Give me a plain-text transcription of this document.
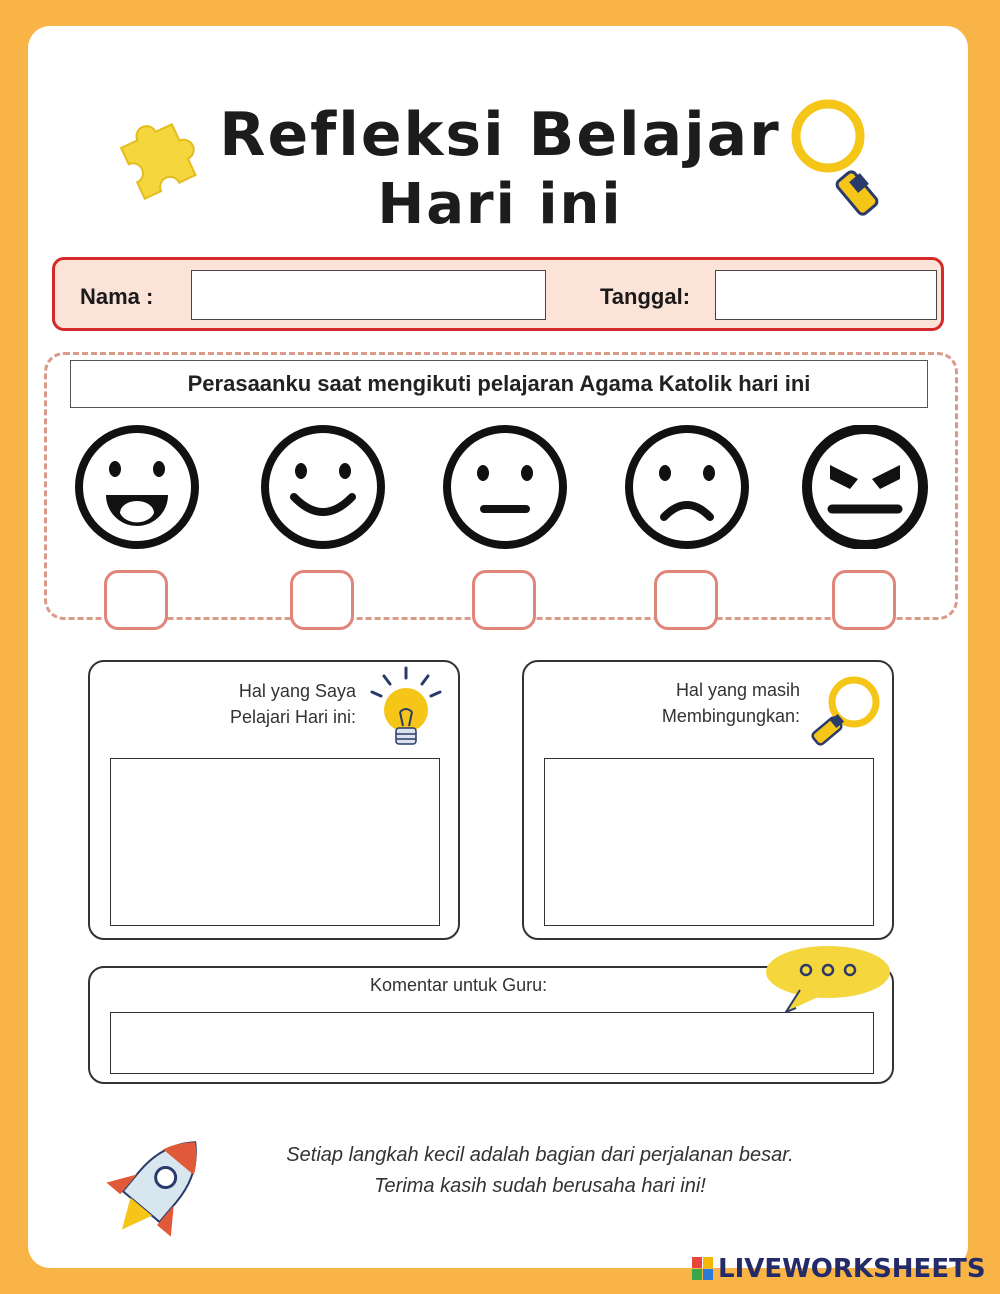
Refleksi Belajar
Hari ini
Nama :	Tanggal:
Perasaanku saat mengikuti pelajaran Agama Katolik hari ini
Hal yang Saya
Pelajari Hari ini:
Hal yang masih
Membingungkan:
Komentar untuk Guru:
Setiap langkah kecil adalah bagian dari perjalanan besar.
Terima kasih sudah berusaha hari ini!
LIVEWORKSHEETS
